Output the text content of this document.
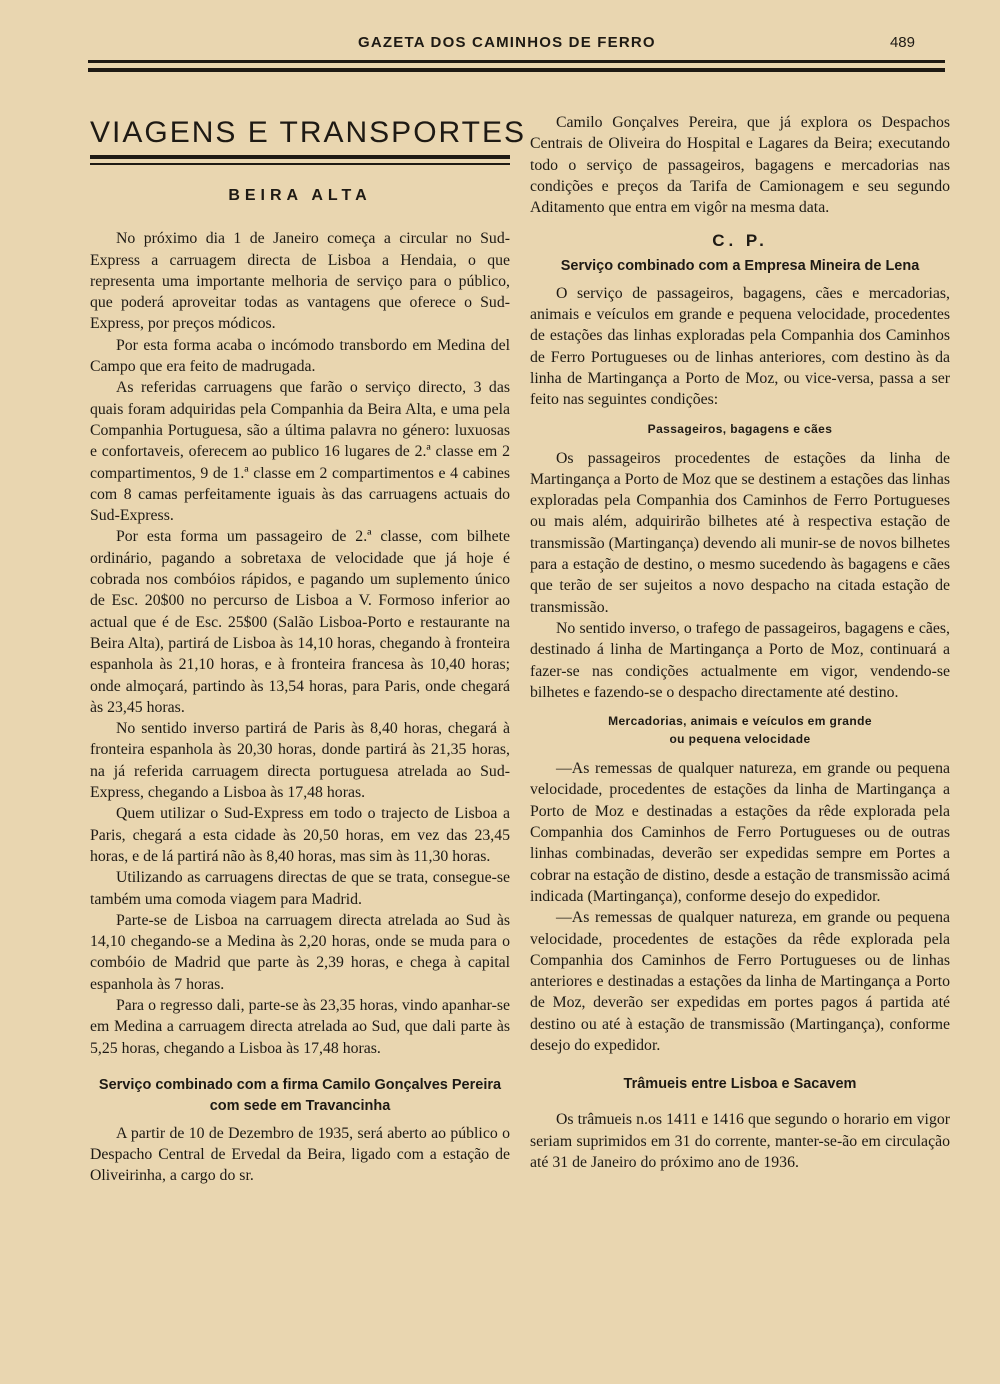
GAZETA DOS CAMINHOS DE FERRO	489
VIAGENS E TRANSPORTES
BEIRA ALTA

No próximo dia 1 de Janeiro começa a circular no Sud-Express a carruagem directa de Lisboa a Hendaia, o que representa uma importante melhoria de serviço para o público, que poderá aproveitar todas as vantagens que oferece o Sud-Express, por preços módicos.

Por esta forma acaba o incómodo transbordo em Medina del Campo que era feito de madrugada.

As referidas carruagens que farão o serviço directo, 3 das quais foram adquiridas pela Companhia da Beira Alta, e uma pela Companhia Portuguesa, são a última palavra no género: luxuosas e confortaveis, oferecem ao publico 16 lugares de 2.ª classe em 2 compartimentos, 9 de 1.ª classe em 2 compartimentos e 4 cabines com 8 camas perfeitamente iguais às das carruagens actuais do Sud-Express.

Por esta forma um passageiro de 2.ª classe, com bilhete ordinário, pagando a sobretaxa de velocidade que já hoje é cobrada nos combóios rápidos, e pagando um suplemento único de Esc. 20$00 no percurso de Lisboa a V. Formoso inferior ao actual que é de Esc. 25$00 (Salão Lisboa-Porto e restaurante na Beira Alta), partirá de Lisboa às 14,10 horas, chegando à fronteira espanhola às 21,10 horas, e à fronteira francesa às 10,40 horas; onde almoçará, partindo às 13,54 horas, para Paris, onde chegará às 23,45 horas.

No sentido inverso partirá de Paris às 8,40 horas, chegará à fronteira espanhola às 20,30 horas, donde partirá às 21,35 horas, na já referida carruagem directa portuguesa atrelada ao Sud-Express, chegando a Lisboa às 17,48 horas.

Quem utilizar o Sud-Express em todo o trajecto de Lisboa a Paris, chegará a esta cidade às 20,50 horas, em vez das 23,45 horas, e de lá partirá não às 8,40 horas, mas sim às 11,30 horas.

Utilizando as carruagens directas de que se trata, consegue-se também uma comoda viagem para Madrid.

Parte-se de Lisboa na carruagem directa atrelada ao Sud às 14,10 chegando-se a Medina às 2,20 horas, onde se muda para o combóio de Madrid que parte às 2,39 horas, e chega à capital espanhola às 7 horas.

Para o regresso dali, parte-se às 23,35 horas, vindo apanhar-se em Medina a carruagem directa atrelada ao Sud, que dali parte às 5,25 horas, chegando a Lisboa às 17,48 horas.

Serviço combinado com a firma Camilo Gonçalves Pereira com sede em Travancinha

A partir de 10 de Dezembro de 1935, será aberto ao público o Despacho Central de Ervedal da Beira, ligado com a estação de Oliveirinha, a cargo do sr.

Camilo Gonçalves Pereira, que já explora os Despachos Centrais de Oliveira do Hospital e Lagares da Beira; executando todo o serviço de passageiros, bagagens e mercadorias nas condições e preços da Tarifa de Camionagem e seu segundo Aditamento que entra em vigôr na mesma data.

C. P.
Serviço combinado com a Empresa Mineira de Lena

O serviço de passageiros, bagagens, cães e mercadorias, animais e veículos em grande e pequena velocidade, procedentes de estações das linhas exploradas pela Companhia dos Caminhos de Ferro Portugueses ou de linhas anteriores, com destino às da linha de Martingança a Porto de Moz, ou vice-versa, passa a ser feito nas seguintes condições:

Passageiros, bagagens e cães

Os passageiros procedentes de estações da linha de Martingança a Porto de Moz que se destinem a estações das linhas exploradas pela Companhia dos Caminhos de Ferro Portugueses ou mais além, adquirirão bilhetes até à respectiva estação de transmissão (Martingança) devendo ali munir-se de novos bilhetes para a estação de destino, o mesmo sucedendo às bagagens e cães que terão de ser sujeitos a novo despacho na citada estação de transmissão.

No sentido inverso, o trafego de passageiros, bagagens e cães, destinado á linha de Martingança a Porto de Moz, continuará a fazer-se nas condições actualmente em vigor, vendendo-se bilhetes e fazendo-se o despacho directamente até destino.

Mercadorias, animais e veículos em grande
ou pequena velocidade

—As remessas de qualquer natureza, em grande ou pequena velocidade, procedentes de estações da linha de Martingança a Porto de Moz e destinadas a estações da rêde explorada pela Companhia dos Caminhos de Ferro Portugueses ou de outras linhas combinadas, deverão ser expedidas sempre em Portes a cobrar na estação de distino, desde a estação de transmissão acimá indicada (Martingança), conforme desejo do expedidor.

—As remessas de qualquer natureza, em grande ou pequena velocidade, procedentes de estações da rêde explorada pela Companhia dos Caminhos de Ferro Portugueses ou de linhas anteriores e destinadas a estações da linha de Martingança a Porto de Moz, deverão ser expedidas em portes pagos á partida até destino ou até à estação de transmissão (Martingança), conforme desejo do expedidor.

Trâmueis entre Lisboa e Sacavem

Os trâmueis n.os 1411 e 1416 que segundo o horario em vigor seriam suprimidos em 31 do corrente, manter-se-ão em circulação até 31 de Janeiro do próximo ano de 1936.
